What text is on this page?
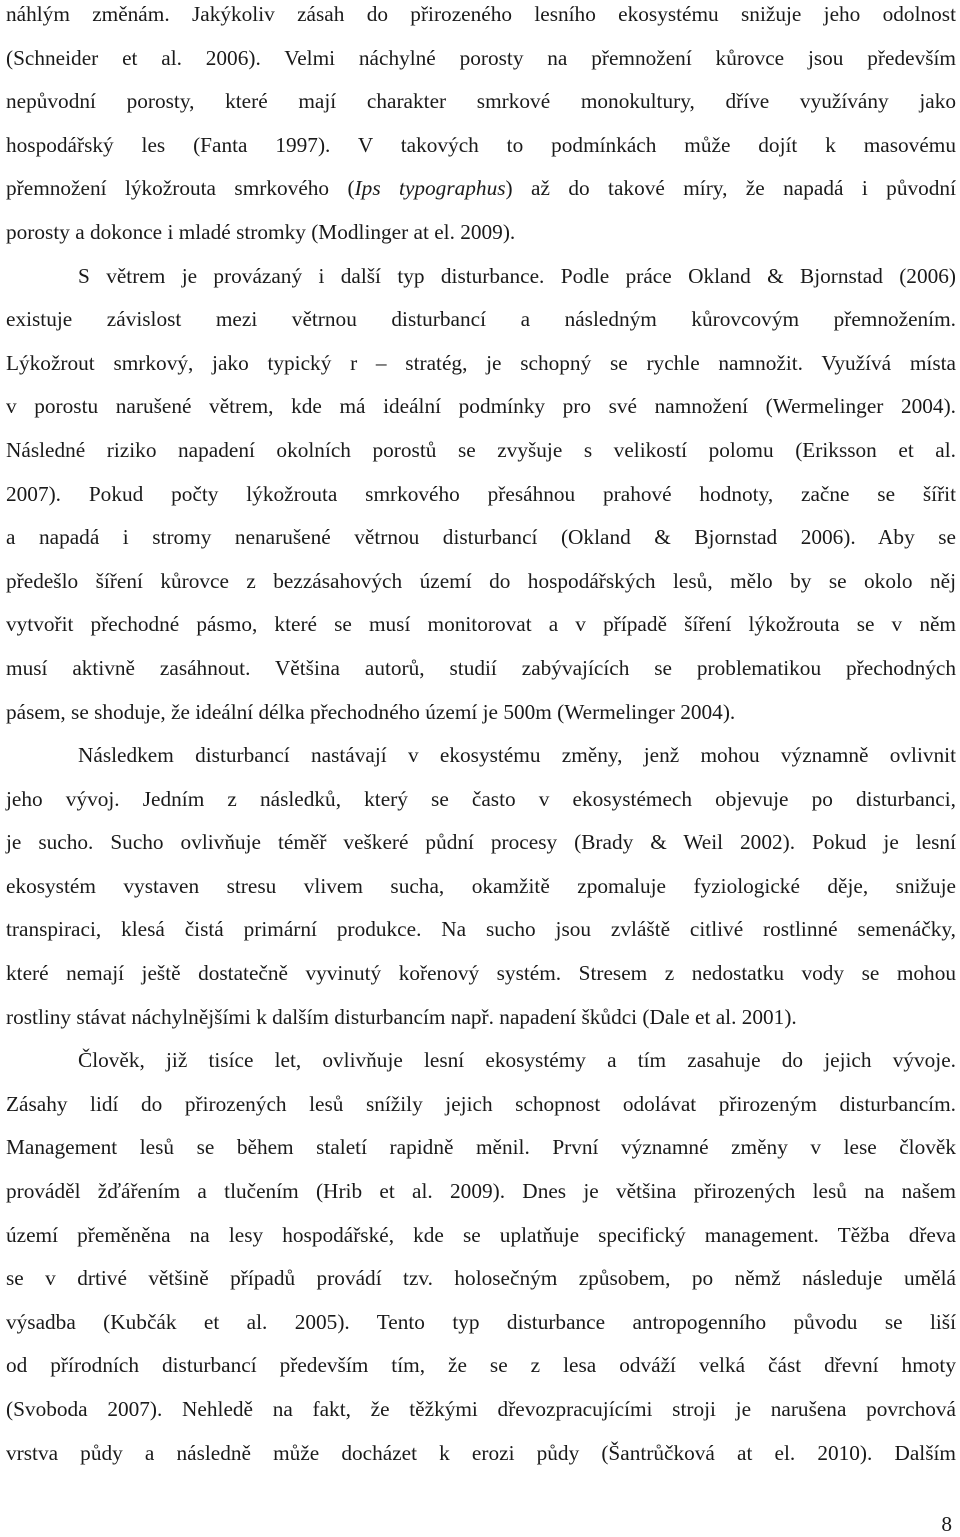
náhlým změnám. Jakýkoliv zásah do přirozeného lesního ekosystému snižuje jeho odolnost
(Schneider et al. 2006). Velmi náchylné porosty na přemnožení kůrovce jsou především
nepůvodní porosty, které mají charakter smrkové monokultury, dříve využívány jako
hospodářský les (Fanta 1997). V takových to podmínkách může dojít k masovému
přemnožení lýkožrouta smrkového (Ips typographus) až do takové míry, že napadá i původní
porosty a dokonce i mladé stromky (Modlinger at el. 2009).
S větrem je provázaný i další typ disturbance. Podle práce Okland & Bjornstad (2006)
existuje závislost mezi větrnou disturbancí a následným kůrovcovým přemnožením.
Lýkožrout smrkový, jako typický r – stratég, je schopný se rychle namnožit. Využívá místa
v porostu narušené větrem, kde má ideální podmínky pro své namnožení (Wermelinger 2004).
Následné riziko napadení okolních porostů se zvyšuje s velikostí polomu (Eriksson et al.
2007). Pokud počty lýkožrouta smrkového přesáhnou prahové hodnoty, začne se šířit
a napadá i stromy nenarušené větrnou disturbancí (Okland & Bjornstad 2006). Aby se
předešlo šíření kůrovce z bezzásahových území do hospodářských lesů, mělo by se okolo něj
vytvořit přechodné pásmo, které se musí monitorovat a v případě šíření lýkožrouta se v něm
musí aktivně zasáhnout. Většina autorů, studií zabývajících se problematikou přechodných
pásem, se shoduje, že ideální délka přechodného území je 500m (Wermelinger 2004).
Následkem disturbancí nastávají v ekosystému změny, jenž mohou významně ovlivnit
jeho vývoj. Jedním z následků, který se často v ekosystémech objevuje po disturbanci,
je sucho. Sucho ovlivňuje téměř veškeré půdní procesy (Brady & Weil 2002). Pokud je lesní
ekosystém vystaven stresu vlivem sucha, okamžitě zpomaluje fyziologické děje, snižuje
transpiraci, klesá čistá primární produkce. Na sucho jsou zvláště citlivé rostlinné semenáčky,
které nemají ještě dostatečně vyvinutý kořenový systém. Stresem z nedostatku vody se mohou
rostliny stávat náchylnějšími k dalším disturbancím např. napadení škůdci (Dale et al. 2001).
Člověk, již tisíce let, ovlivňuje lesní ekosystémy a tím zasahuje do jejich vývoje.
Zásahy lidí do přirozených lesů snížily jejich schopnost odolávat přirozeným disturbancím.
Management lesů se během staletí rapidně měnil. První významné změny v lese člověk
prováděl žďářením a tlučením (Hrib et al. 2009). Dnes je většina přirozených lesů na našem
území přeměněna na lesy hospodářské, kde se uplatňuje specifický management. Těžba dřeva
se v drtivé většině případů provádí tzv. holosečným způsobem, po němž následuje umělá
výsadba (Kubčák et al. 2005). Tento typ disturbance antropogenního původu se liší
od přírodních disturbancí především tím, že se z lesa odváží velká část dřevní hmoty
(Svoboda 2007). Nehledě na fakt, že těžkými dřevozpracujícími stroji je narušena povrchová
vrstva půdy a následně může docházet k erozi půdy (Šantrůčková at el. 2010). Dalším
8
